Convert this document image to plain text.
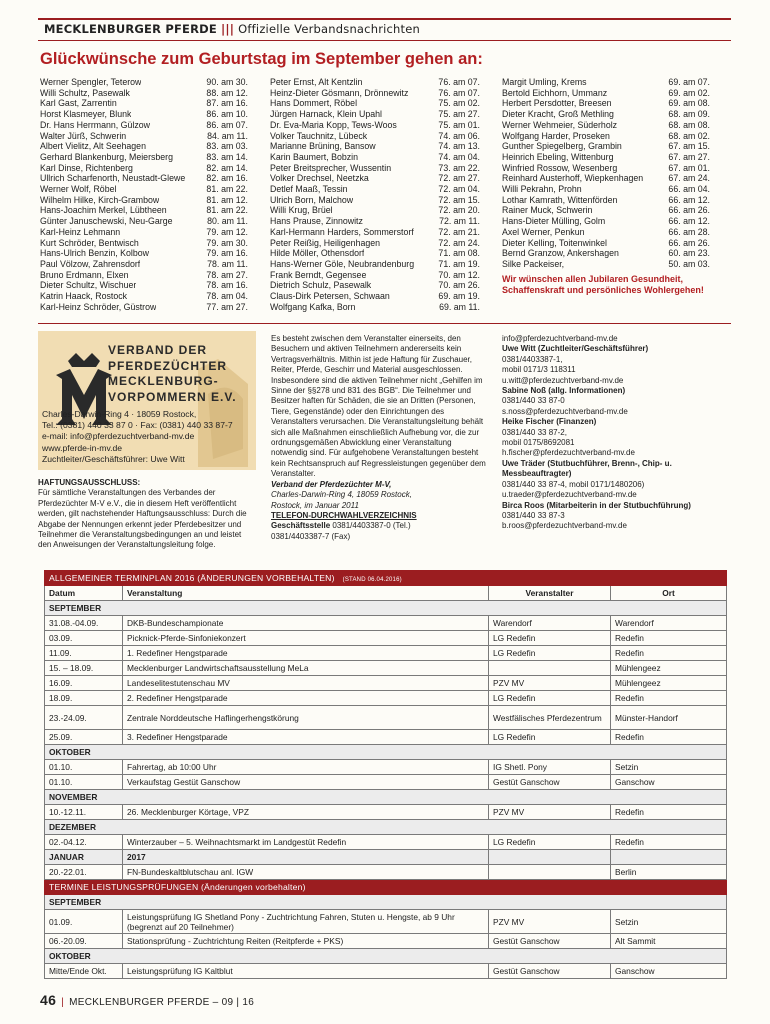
MECKLENBURGER PFERDE ||| Offizielle Verbandsnachrichten
Glückwünsche zum Geburtstag im September gehen an:
Werner Spengler, Teterow	90. am 30.
Willi Schultz, Pasewalk	88. am 12.
Karl Gast, Zarrentin	87. am 16.
Horst Klasmeyer, Blunk	86. am 10.
Dr. Hans Herrmann, Gülzow	86. am 07.
Walter Jürß, Schwerin	84. am 11.
Albert Vielitz, Alt Seehagen	83. am 03.
Gerhard Blankenburg, Meiersberg	83. am 14.
Karl Dinse, Richtenberg	82. am 14.
Ullrich Scharfenorth, Neustadt-Glewe	82. am 16.
Werner Wolf, Röbel	81. am 22.
Wilhelm Hilke, Kirch-Grambow	81. am 12.
Hans-Joachim Merkel, Lübtheen	81. am 22.
Günter Januschewski, Neu-Garge	80. am 11.
Karl-Heinz Lehmann	79. am 12.
Kurt Schröder, Bentwisch	79. am 30.
Hans-Ulrich Benzin, Kolbow	79. am 16.
Paul Völzow, Zahrensdorf	78. am 11.
Bruno Erdmann, Elxen	78. am 27.
Dieter Schultz, Wischuer	78. am 16.
Katrin Haack, Rostock	78. am 04.
Karl-Heinz Schröder, Güstrow	77. am 27.
Peter Ernst, Alt Kentzlin	76. am 07.
Heinz-Dieter Gösmann, Drönnewitz	76. am 07.
Hans Dommert, Röbel	75. am 02.
Jürgen Harnack, Klein Upahl	75. am 27.
Dr. Eva-Maria Kopp, Tews-Woos	75. am 01.
Volker Tauchnitz, Lübeck	74. am 06.
Marianne Brüning, Bansow	74. am 13.
Karin Baumert, Bobzin	74. am 04.
Peter Breitsprecher, Wussentin	73. am 22.
Volker Drechsel, Neetzka	72. am 27.
Detlef Maaß, Tessin	72. am 04.
Ulrich Born, Malchow	72. am 15.
Willi Krug, Brüel	72. am 20.
Hans Prause, Zinnowitz	72. am 11.
Karl-Hermann Harders, Sommerstorf	72. am 21.
Peter Reißig, Heiligenhagen	72. am 24.
Hilde Möller, Othensdorf	71. am 08.
Hans-Werner Göle, Neubrandenburg	71. am 19.
Frank Berndt, Gegensee	70. am 12.
Dietrich Schulz, Pasewalk	70. am 26.
Claus-Dirk Petersen, Schwaan	69. am 19.
Wolfgang Kafka, Born	69. am 11.
Margit Umling, Krems	69. am 07.
Bertold Eichhorn, Ummanz	69. am 02.
Herbert Persdotter, Breesen	69. am 08.
Dieter Kracht, Groß Methling	68. am 09.
Werner Wehmeier, Süderholz	68. am 08.
Wolfgang Harder, Proseken	68. am 02.
Gunther Spiegelberg, Grambin	67. am 15.
Heinrich Ebeling, Wittenburg	67. am 27.
Winfried Rossow, Wesenberg	67. am 01.
Reinhard Austerhoff, Wiepkenhagen	67. am 24.
Willi Pekrahn, Prohn	66. am 04.
Lothar Kamrath, Wittenförden	66. am 12.
Rainer Muck, Schwerin	66. am 26.
Hans-Dieter Mülling, Golm	66. am 12.
Axel Werner, Penkun	66. am 28.
Dieter Kelling, Toitenwinkel	66. am 26.
Bernd Granzow, Ankershagen	60. am 23.
Silke Packeiser,	50. am 03.
Wir wünschen allen Jubilaren Gesundheit, Schaffenskraft und persönliches Wohlergehen!
VERBAND DER
PFERDEZÜCHTER
MECKLENBURG-
VORPOMMERN E.V.
Charles-Darwin-Ring 4 · 18059 Rostock,
Tel.: (0381) 440 33 87 0 · Fax: (0381) 440 33 87-7
e-mail: info@pferdezuchtverband-mv.de
www.pferde-in-mv.de
Zuchtleiter/Geschäftsführer: Uwe Witt
HAFTUNGSAUSSCHLUSS:
Für sämtliche Veranstaltungen des Verbandes der Pferdezüchter M-V e.V., die in diesem Heft veröffentlicht werden, gilt nachstehender Haftungsausschluss: Durch die Abgabe der Nennungen erkennt jeder Pferdebesitzer und Teilnehmer die Veranstaltungsbedingungen an und leistet den Anweisungen der Veranstaltungsleitung folge.
Es besteht zwischen dem Veranstalter einerseits, den Besuchern und aktiven Teilnehmern andererseits kein Vertragsverhältnis. Mithin ist jede Haftung für Zuschauer, Reiter, Pferde, Geschirr und Material ausgeschlossen. Insbesondere sind die aktiven Teilnehmer nicht „Gehilfen im Sinne der §§278 und 831 des BGB“. Die Teilnehmer und Besitzer haften für Schäden, die sie an Dritten (Personen, Tiere, Gegenstände) oder den Einrichtungen des Veranstalters verursachen. Die Veranstaltungsleitung behält sich alle Maßnahmen einschließlich Aufhebung vor, die zur ordnungsgemäßen Abwicklung einer Veranstaltung notwendig sind. Für aufgehobene Veranstaltungen besteht kein Rechtsanspruch auf Regressleistungen gegenüber dem Veranstalter.
Verband der Pferdezüchter M-V,
Charles-Darwin-Ring 4, 18059 Rostock,
Rostock, im Januar 2011
TELEFON-DURCHWAHLVERZEICHNIS
Geschäftsstelle 0381/4403387-0 (Tel.)
0381/4403387-7 (Fax)
info@pferdezuchtverband-mv.de
Uwe Witt (Zuchtleiter/Geschäftsführer)
0381/4403387-1,
mobil 0171/3 118311
u.witt@pferdezuchtverband-mv.de
Sabine Noß (allg. Informationen)
0381/440 33 87-0
s.noss@pferdezuchtverband-mv.de
Heike Fischer (Finanzen)
0381/440 33 87-2,
mobil 0175/8692081
h.fischer@pferdezuchtverband-mv.de
Uwe Träder (Stutbuchführer, Brenn-, Chip- u. Messbeauftragter)
0381/440 33 87-4, mobil 0171/1480206)
u.traeder@pferdezuchtverband-mv.de
Birca Roos (Mitarbeiterin in der Stutbuchführung)
0381/440 33 87-3
b.roos@pferdezuchtverband-mv.de
ALLGEMEINER TERMINPLAN 2016 (ÄNDERUNGEN VORBEHALTEN) (STAND 06.04.2016)			
Datum	Veranstaltung	Veranstalter	Ort
SEPTEMBER			
31.08.-04.09.	DKB-Bundeschampionate	Warendorf	Warendorf
03.09.	Picknick-Pferde-Sinfoniekonzert	LG Redefin	Redefin
11.09.	1. Redefiner Hengstparade	LG Redefin	Redefin
15. – 18.09.	Mecklenburger Landwirtschaftsausstellung MeLa		Mühlengeez
16.09.	Landeselitestutenschau MV	PZV MV	Mühlengeez
18.09.	2. Redefiner Hengstparade	LG Redefin	Redefin
23.-24.09.	Zentrale Norddeutsche Haflingerhengstkörung	Westfälisches Pferdezentrum	Münster-Handorf
25.09.	3. Redefiner Hengstparade	LG Redefin	Redefin
OKTOBER			
01.10.	Fahrertag, ab 10:00 Uhr	IG Shetl. Pony	Setzin
01.10.	Verkaufstag Gestüt Ganschow	Gestüt Ganschow	Ganschow
NOVEMBER			
10.-12.11.	26. Mecklenburger Körtage, VPZ	PZV MV	Redefin
DEZEMBER			
02.-04.12.	Winterzauber – 5. Weihnachtsmarkt im Landgestüt Redefin	LG Redefin	Redefin
JANUAR	2017		
20.-22.01.	FN-Bundeskaltblutschau anl. IGW		Berlin
TERMINE LEISTUNGSPRÜFUNGEN (Änderungen vorbehalten)			
SEPTEMBER			
01.09.	Leistungsprüfung IG Shetland Pony - Zuchtrichtung Fahren, Stuten u. Hengste, ab 9 Uhr (begrenzt auf 20 Teilnehmer)	PZV MV	Setzin
06.-20.09.	Stationsprüfung - Zuchtrichtung Reiten (Reitpferde + PKS)	Gestüt Ganschow	Alt Sammit
OKTOBER			
Mitte/Ende Okt.	Leistungsprüfung IG Kaltblut	Gestüt Ganschow	Ganschow
46 | MECKLENBURGER PFERDE – 09 | 16
